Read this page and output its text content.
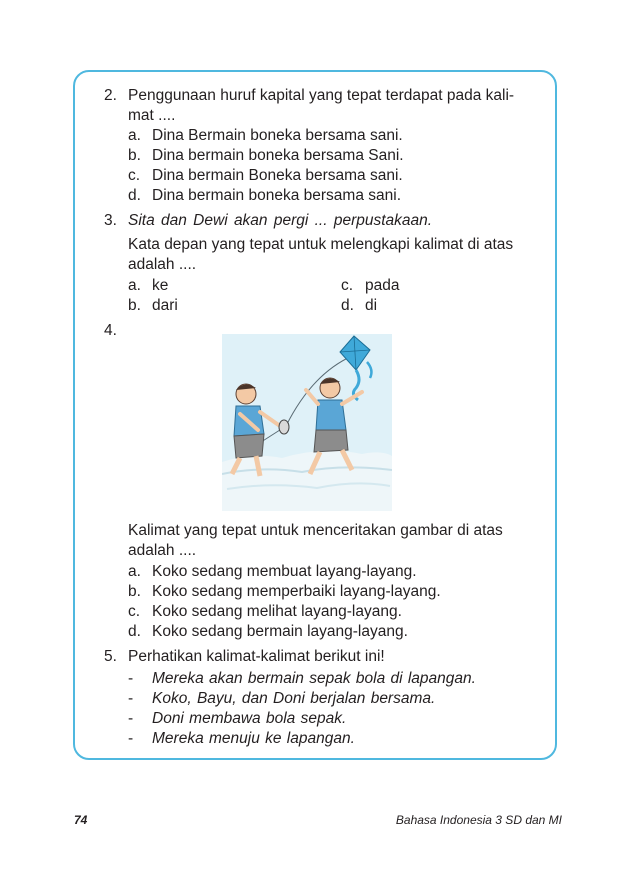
2. Penggunaan huruf kapital yang tepat terdapat pada kali-
mat ....
a. Dina Bermain boneka bersama sani.
b. Dina bermain boneka bersama Sani.
c. Dina bermain Boneka bersama sani.
d. Dina bermain boneka bersama sani.
3. Sita dan Dewi akan pergi ... perpustakaan.
Kata depan yang tepat untuk melengkapi kalimat di atas
adalah ....
a. ke
b. dari
c. pada
d. di
4.
Kalimat yang tepat untuk menceritakan gambar di atas
adalah ....
a. Koko sedang membuat layang-layang.
b. Koko sedang memperbaiki layang-layang.
c. Koko sedang melihat layang-layang.
d. Koko sedang bermain layang-layang.
5. Perhatikan kalimat-kalimat berikut ini!
- Mereka akan bermain sepak bola di lapangan.
- Koko, Bayu, dan Doni berjalan bersama.
- Doni membawa bola sepak.
- Mereka menuju ke lapangan.
74	Bahasa Indonesia 3 SD dan MI
